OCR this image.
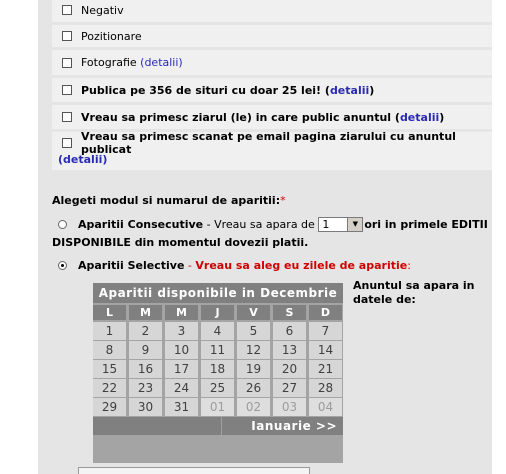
Negativ
Pozitionare
Fotografie (detalii)
Publica pe 356 de situri cu doar 25 lei! ( detalii )
Vreau sa primesc ziarul (le) in care public anuntul ( detalii )
Vreau sa primesc scanat pe email pagina ziarului cu anuntul publicat
(detalii)
Alegeti modul si numarul de aparitii:*
Aparitii Consecutive - Vreau sa apara de 1	▼ ori in primele EDITII
DISPONIBILE din momentul dovezii platii.
Aparitii Selective - Vreau sa aleg eu zilele de aparitie :
Aparitii disponibile in Decembrie
L	M	M	J	V	S	D
1	2	3	4	5	6	7
8	9	10	11	12	13	14
15	16	17	18	19	20	21
22	23	24	25	26	27	28
29	30	31	01	02	03	04
Ianuarie >>
Anuntul sa apara in
datele de:
